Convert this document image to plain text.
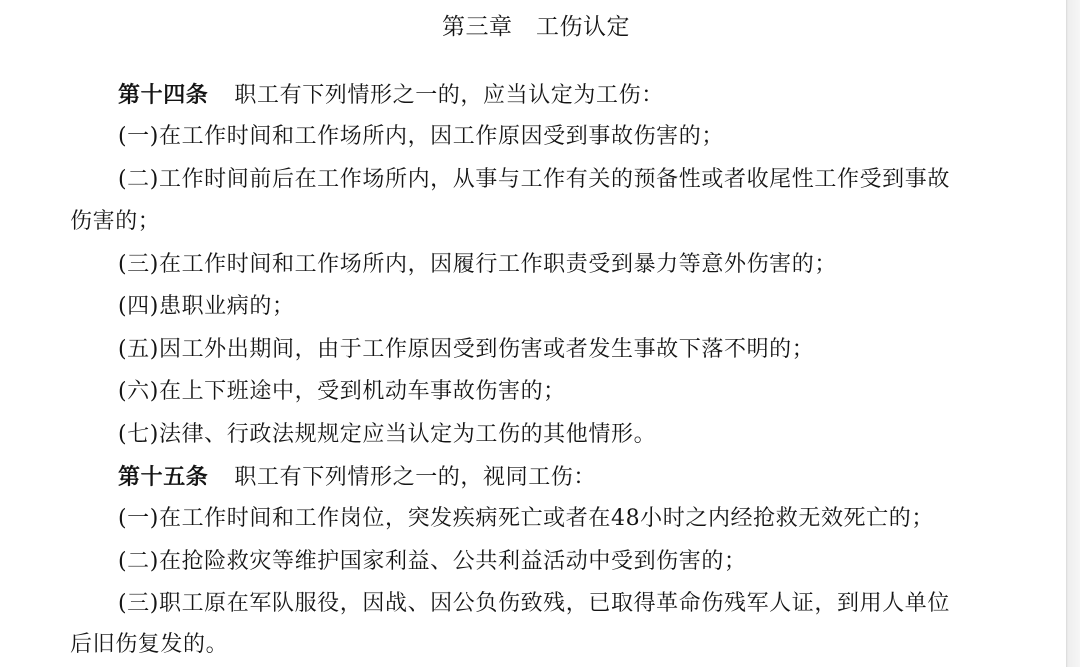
第三章　工伤认定
第十四条 职工有下列情形之一的，应当认定为工伤：
(一)在工作时间和工作场所内，因工作原因受到事故伤害的；
(二)工作时间前后在工作场所内，从事与工作有关的预备性或者收尾性工作受到事故
伤害的；
(三)在工作时间和工作场所内，因履行工作职责受到暴力等意外伤害的；
(四)患职业病的；
(五)因工外出期间，由于工作原因受到伤害或者发生事故下落不明的；
(六)在上下班途中，受到机动车事故伤害的；
(七)法律、行政法规规定应当认定为工伤的其他情形。
第十五条 职工有下列情形之一的，视同工伤：
(一)在工作时间和工作岗位，突发疾病死亡或者在48小时之内经抢救无效死亡的；
(二)在抢险救灾等维护国家利益、公共利益活动中受到伤害的；
(三)职工原在军队服役，因战、因公负伤致残，已取得革命伤残军人证，到用人单位
后旧伤复发的。
